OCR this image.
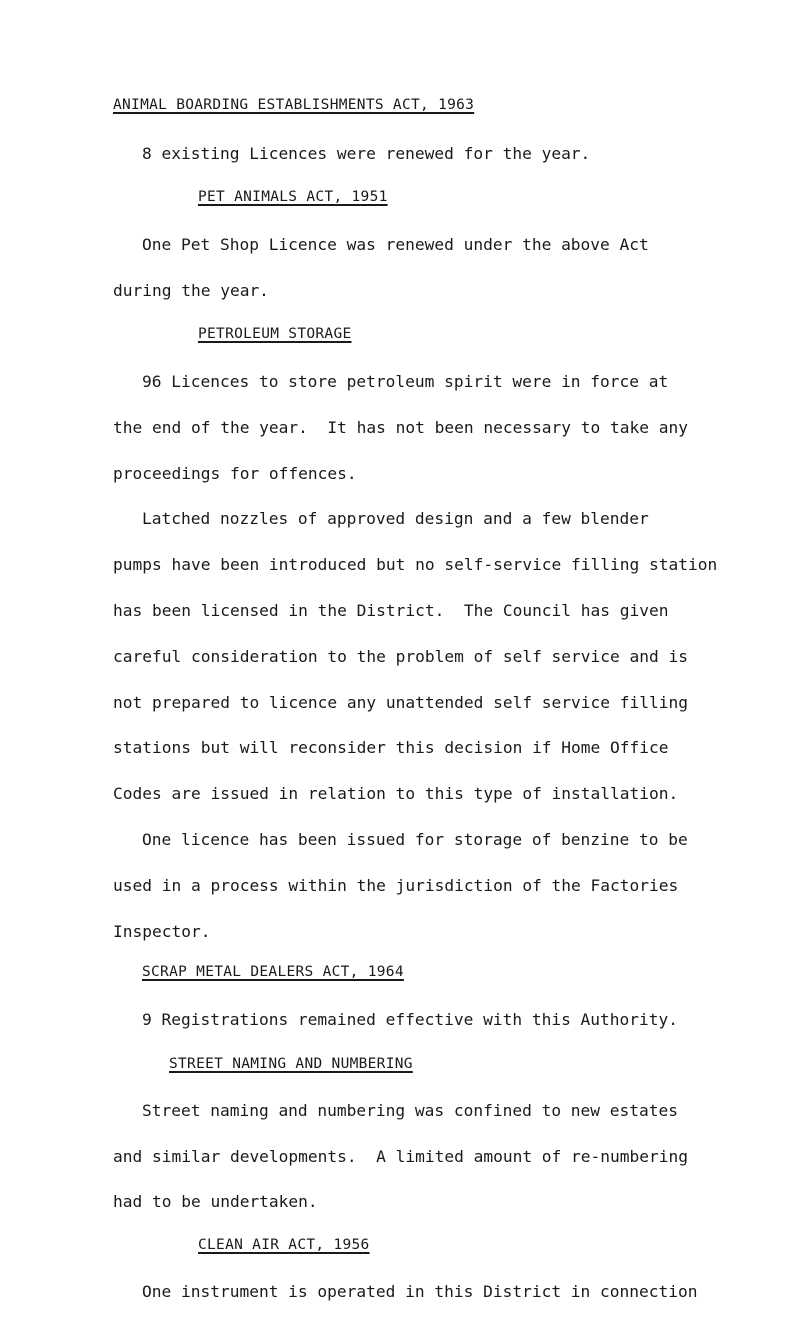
ANIMAL BOARDING ESTABLISHMENTS ACT, 1963
8 existing Licences were renewed for the year.
PET ANIMALS ACT, 1951
One Pet Shop Licence was renewed under the above Act
during the year.
PETROLEUM STORAGE
96 Licences to store petroleum spirit were in force at
the end of the year.  It has not been necessary to take any
proceedings for offences.
Latched nozzles of approved design and a few blender
pumps have been introduced but no self-service filling station
has been licensed in the District.  The Council has given
careful consideration to the problem of self service and is
not prepared to licence any unattended self service filling
stations but will reconsider this decision if Home Office
Codes are issued in relation to this type of installation.
One licence has been issued for storage of benzine to be
used in a process within the jurisdiction of the Factories
Inspector.
SCRAP METAL DEALERS ACT, 1964
9 Registrations remained effective with this Authority.
STREET NAMING AND NUMBERING
Street naming and numbering was confined to new estates
and similar developments.  A limited amount of re-numbering
had to be undertaken.
CLEAN AIR ACT, 1956
One instrument is operated in this District in connection
